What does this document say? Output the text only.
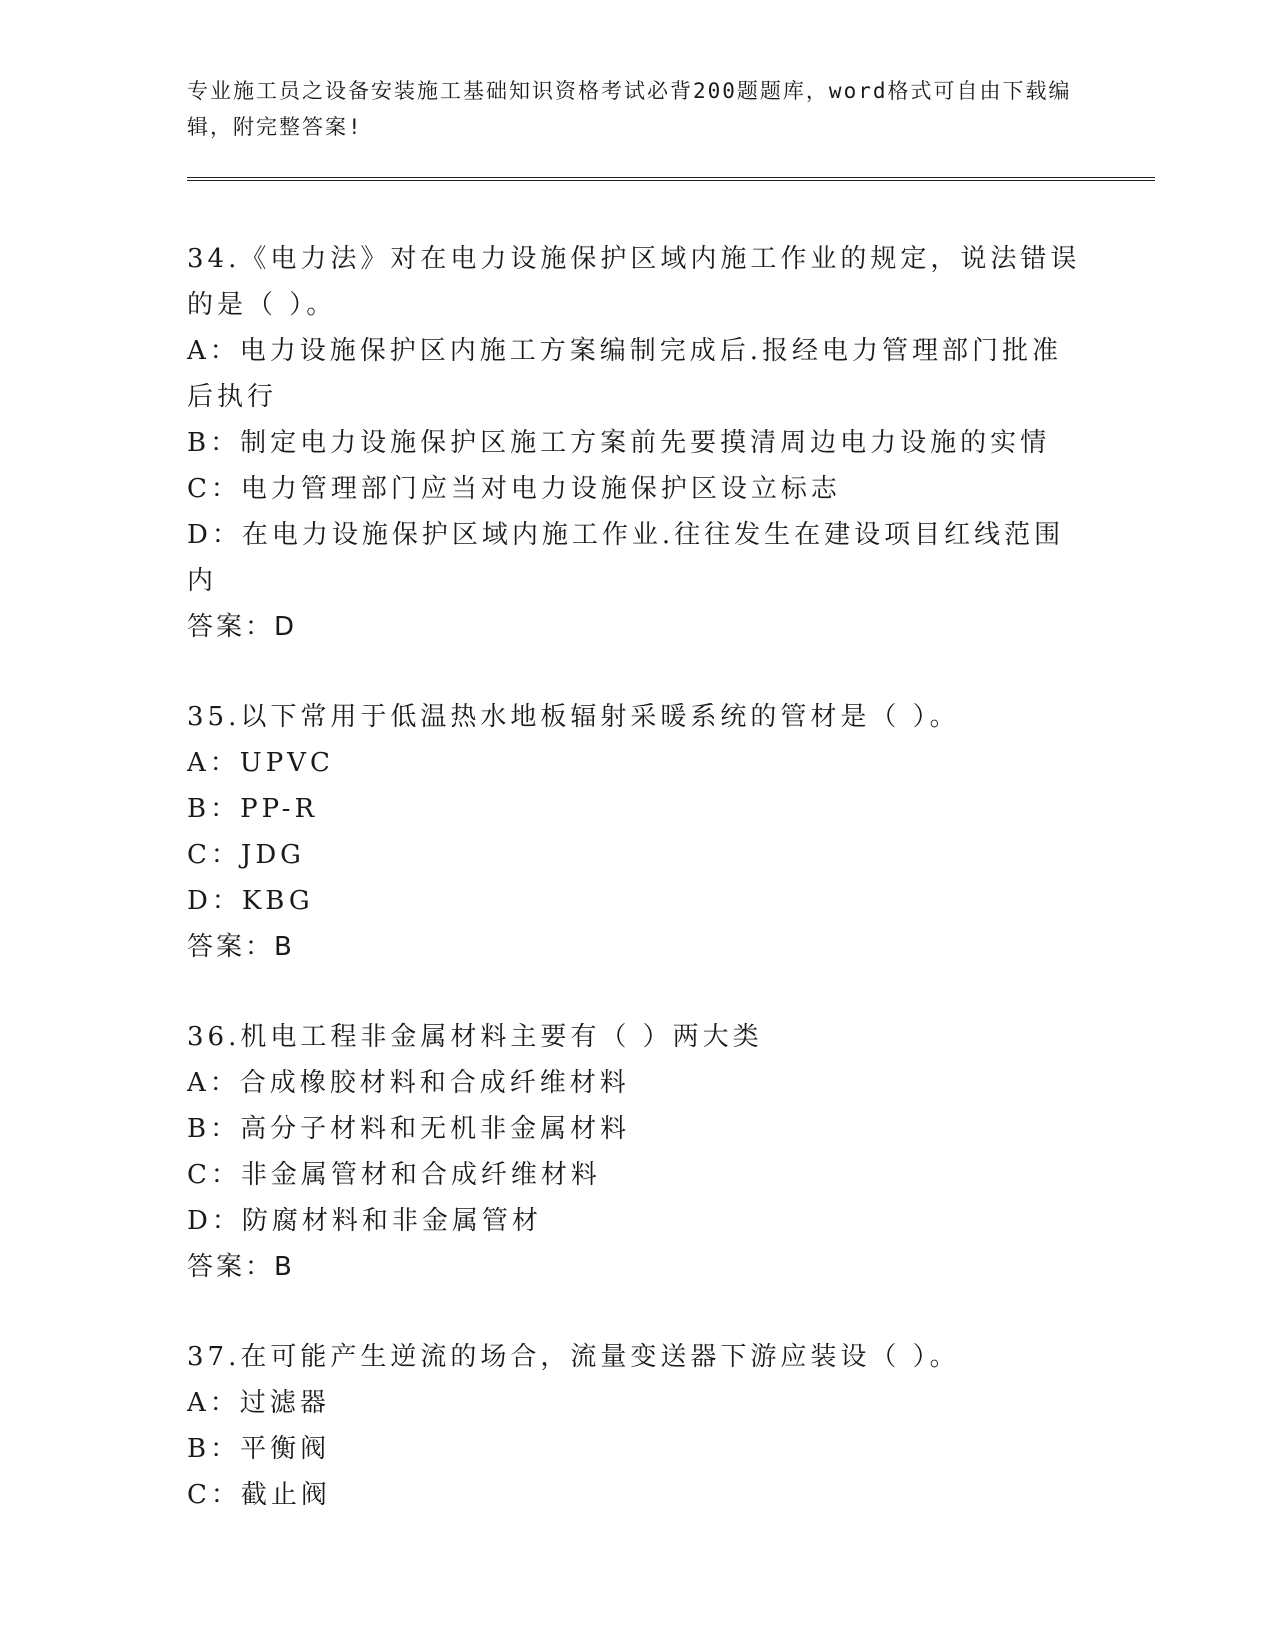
专业施工员之设备安装施工基础知识资格考试必背200题题库，word格式可自由下载编辑，附完整答案!
34.《电力法》对在电力设施保护区域内施工作业的规定，说法错误的是（ ）。
A：电力设施保护区内施工方案编制完成后.报经电力管理部门批准后执行
B：制定电力设施保护区施工方案前先要摸清周边电力设施的实情
C：电力管理部门应当对电力设施保护区设立标志
D：在电力设施保护区域内施工作业.往往发生在建设项目红线范围内
答案：D
35.以下常用于低温热水地板辐射采暖系统的管材是（ ）。
A：UPVC
B：PP-R
C：JDG
D：KBG
答案：B
36.机电工程非金属材料主要有（ ）两大类
A：合成橡胶材料和合成纤维材料
B：高分子材料和无机非金属材料
C：非金属管材和合成纤维材料
D：防腐材料和非金属管材
答案：B
37.在可能产生逆流的场合，流量变送器下游应装设（ ）。
A：过滤器
B：平衡阀
C：截止阀
